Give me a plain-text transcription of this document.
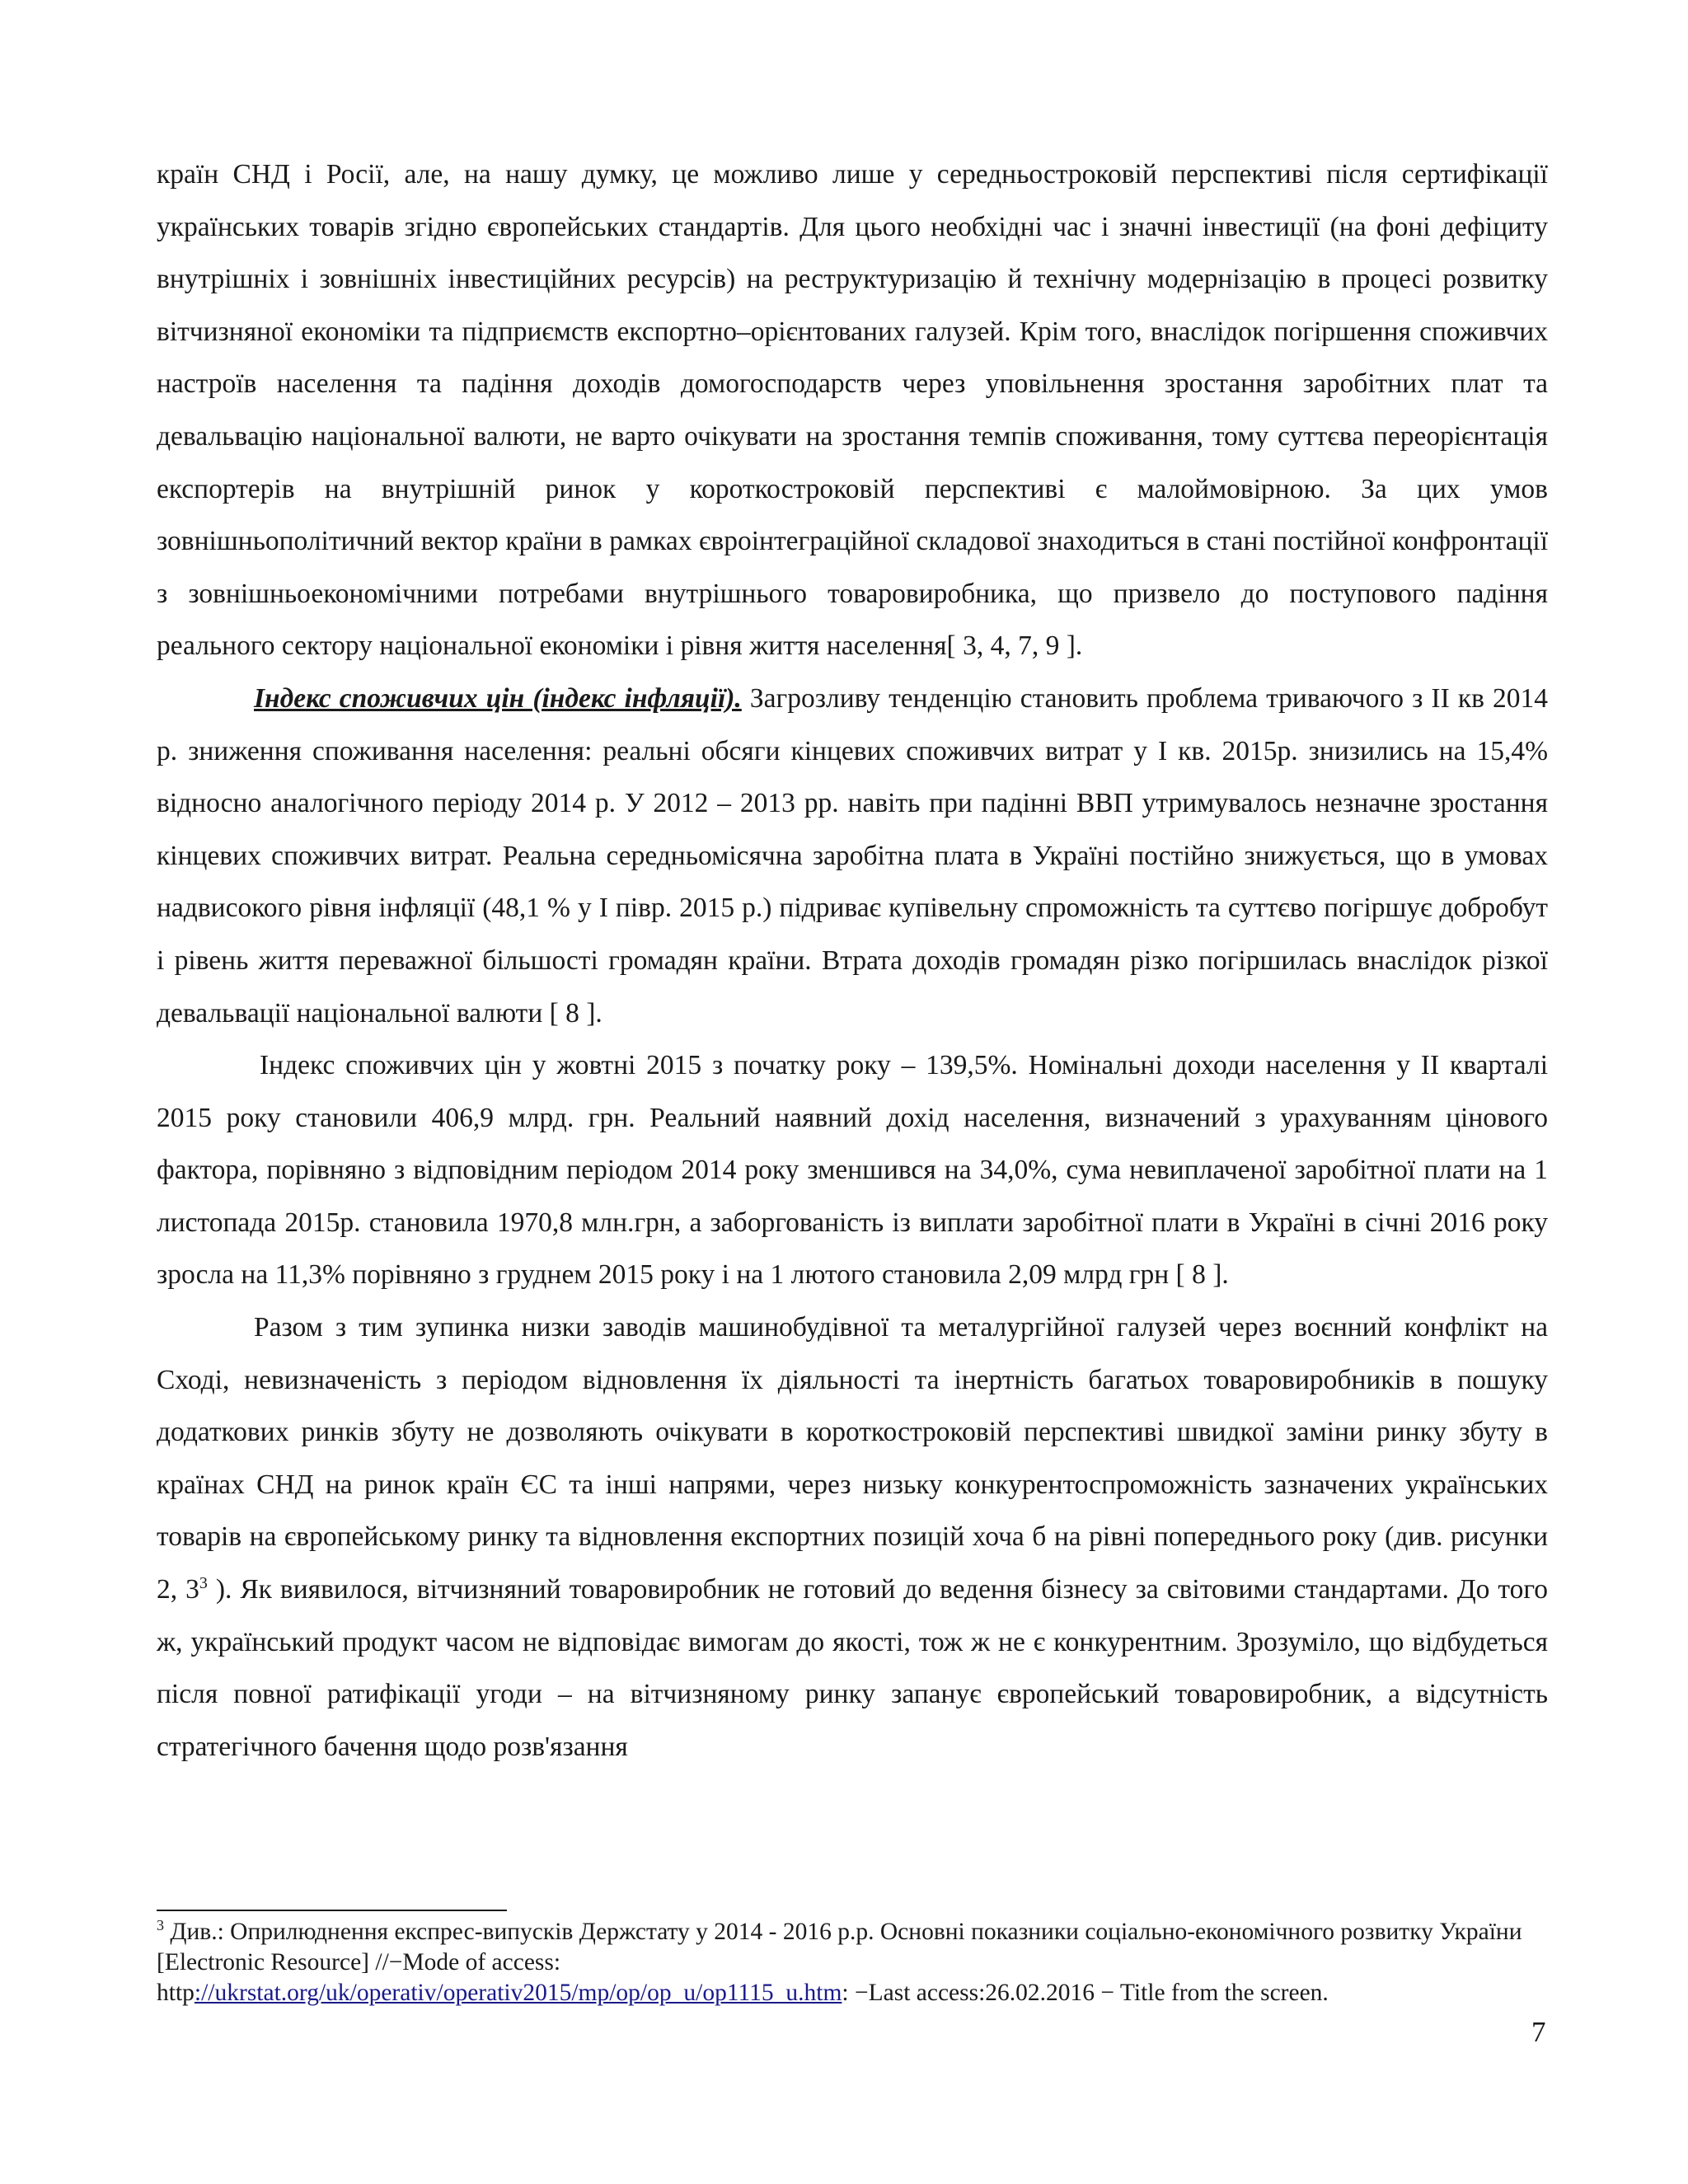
країн СНД і Росії, але, на нашу думку, це можливо лише у середньостроковій перспективі після сертифікації українських товарів згідно європейських стандартів. Для цього необхідні час і значні інвестиції (на фоні дефіциту внутрішніх і зовнішніх інвестиційних ресурсів) на реструктуризацію й технічну модернізацію в процесі розвитку вітчизняної економіки та підприємств експортно–орієнтованих галузей. Крім того, внаслідок погіршення споживчих настроїв населення та падіння доходів домогосподарств через уповільнення зростання заробітних плат та девальвацію національної валюти, не варто очікувати на зростання темпів споживання, тому суттєва переорієнтація експортерів на внутрішній ринок у короткостроковій перспективі є малоймовірною. За цих умов зовнішньополітичний вектор країни в рамках євроінтеграційної складової знаходиться в стані постійної конфронтації з зовнішньоекономічними потребами внутрішнього товаровиробника, що призвело до поступового падіння реального сектору національної економіки і рівня життя населення[ 3, 4, 7, 9 ].

Індекс споживчих цін (індекс інфляції). Загрозливу тенденцію становить проблема триваючого з ІІ кв 2014 р. зниження споживання населення: реальні обсяги кінцевих споживчих витрат у І кв. 2015р. знизились на 15,4% відносно аналогічного періоду 2014 р. У 2012 – 2013 рр. навіть при падінні ВВП утримувалось незначне зростання кінцевих споживчих витрат. Реальна середньомісячна заробітна плата в Україні постійно знижується, що в умовах надвисокого рівня інфляції (48,1 % у І півр. 2015 р.) підриває купівельну спроможність та суттєво погіршує добробут і рівень життя переважної більшості громадян країни. Втрата доходів громадян різко погіршилась внаслідок різкої девальвації національної валюти [ 8 ].

Індекс споживчих цін у жовтні 2015 з початку року – 139,5%. Номінальні доходи населення у ІІ кварталі 2015 року становили 406,9 млрд. грн. Реальний наявний дохід населення, визначений з урахуванням цінового фактора, порівняно з відповідним періодом 2014 року зменшився на 34,0%, сума невиплаченої заробітної плати на 1 листопада 2015р. становила 1970,8 млн.грн, а заборгованість із виплати заробітної плати в Україні в січні 2016 року зросла на 11,3% порівняно з груднем 2015 року і на 1 лютого становила 2,09 млрд грн [ 8 ].

Разом з тим зупинка низки заводів машинобудівної та металургійної галузей через воєнний конфлікт на Сході, невизначеність з періодом відновлення їх діяльності та інертність багатьох товаровиробників в пошуку додаткових ринків збуту не дозволяють очікувати в короткостроковій перспективі швидкої заміни ринку збуту в країнах СНД на ринок країн ЄС та інші напрями, через низьку конкурентоспроможність зазначених українських товарів на європейському ринку та відновлення експортних позицій хоча б на рівні попереднього року (див. рисунки 2, 3$^3$ ). Як виявилося, вітчизняний товаровиробник не готовий до ведення бізнесу за світовими стандартами. До того ж, український продукт часом не відповідає вимогам до якості, тож ж не є конкурентним. Зрозуміло, що відбудеться після повної ратифікації угоди – на вітчизняному ринку запанує європейський товаровиробник, а відсутність стратегічного бачення щодо розв'язання

$^3$ Див.: Оприлюднення експрес-випусків Держстату у 2014 - 2016 р.р. Основні показники соціально-економічного розвитку України [Electronic Resource] //−Mode of access:
http://ukrstat.org/uk/operativ/operativ2015/mp/op/op_u/op1115_u.htm: −Last access:26.02.2016 − Title from the screen.

7
